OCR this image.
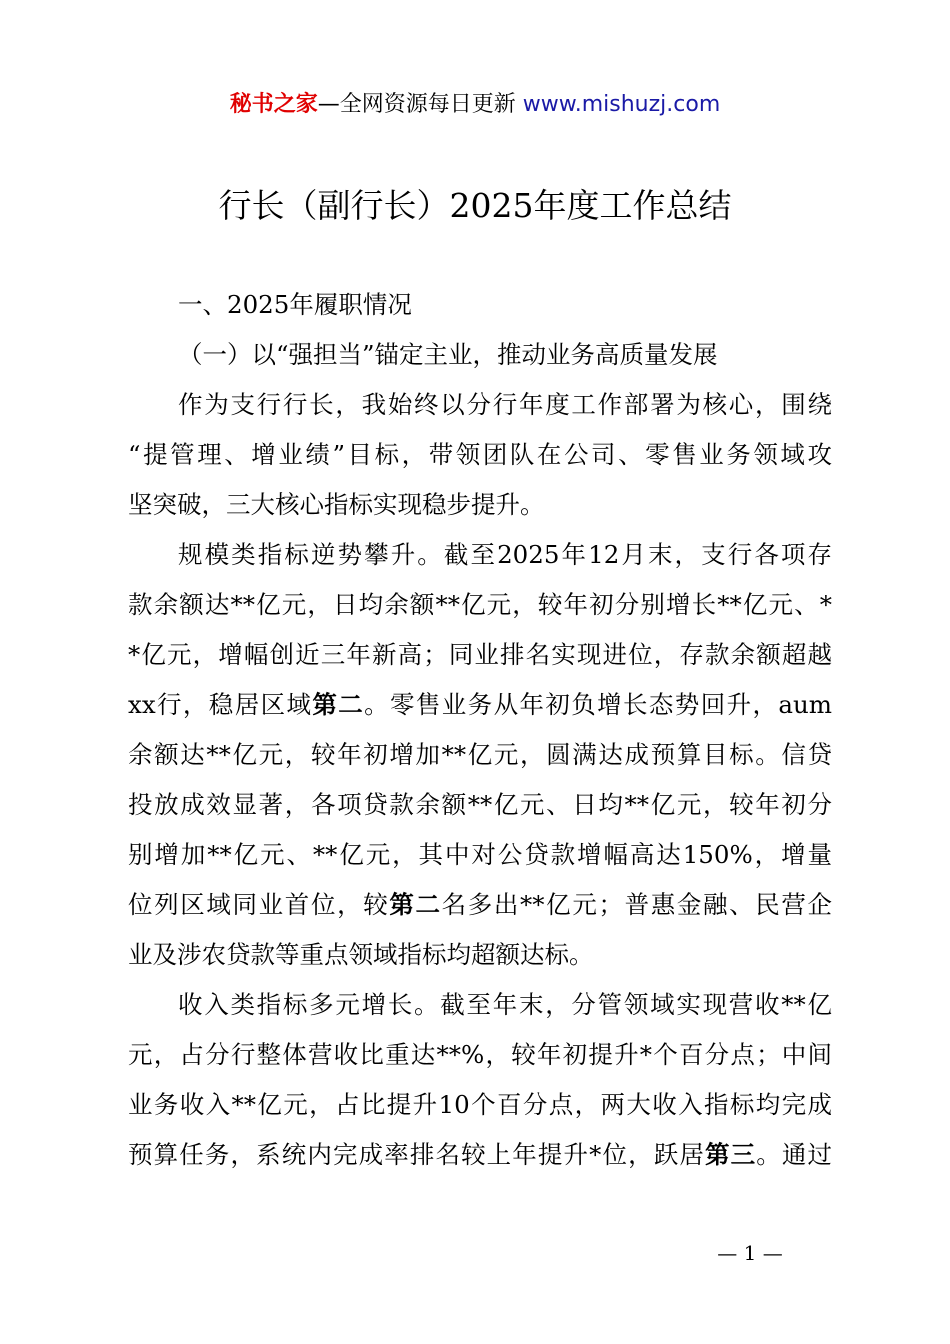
秘书之家—全网资源每日更新 www.mishuzj.com
行长（副行长）2025年度工作总结
一、2025年履职情况
（一）以“强担当”锚定主业，推动业务高质量发展
作为支行行长，我始终以分行年度工作部署为核心，围绕
“提管理、增业绩”目标，带领团队在公司、零售业务领域攻
坚突破，三大核心指标实现稳步提升。
规模类指标逆势攀升。截至2025年12月末，支行各项存
款余额达**亿元，日均余额**亿元，较年初分别增长**亿元、*
*亿元，增幅创近三年新高；同业排名实现进位，存款余额超越
xx行，稳居区域第二。零售业务从年初负增长态势回升，aum
余额达**亿元，较年初增加**亿元，圆满达成预算目标。信贷
投放成效显著，各项贷款余额**亿元、日均**亿元，较年初分
别增加**亿元、**亿元，其中对公贷款增幅高达150%，增量
位列区域同业首位，较第二名多出**亿元；普惠金融、民营企
业及涉农贷款等重点领域指标均超额达标。
收入类指标多元增长。截至年末，分管领域实现营收**亿
元，占分行整体营收比重达**%，较年初提升*个百分点；中间
业务收入**亿元，占比提升10个百分点，两大收入指标均完成
预算任务，系统内完成率排名较上年提升*位，跃居第三。通过
— 1 —
